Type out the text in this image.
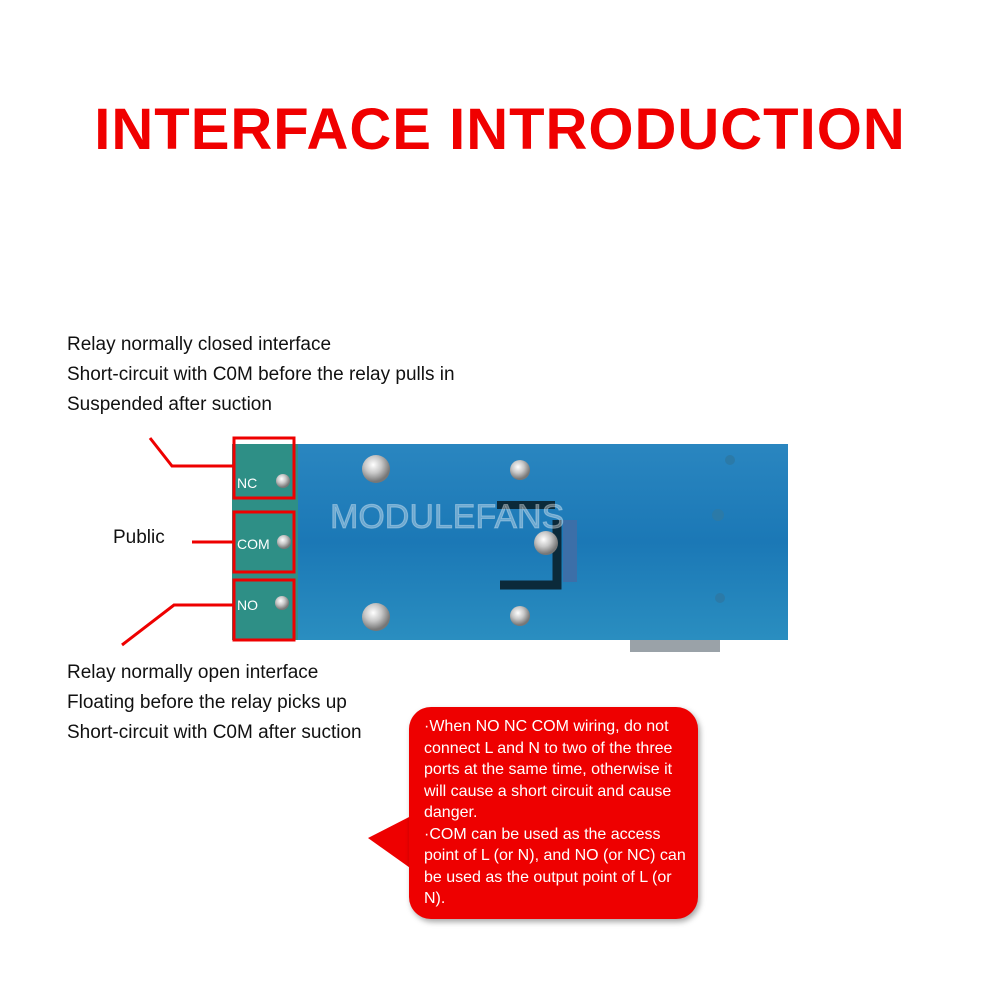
INTERFACE INTRODUCTION
Relay normally closed interface
Short-circuit with C0M before the relay pulls in
Suspended after suction
MODULEFANS
NC
COM
NO
Public
Relay normally open interface
Floating before the relay picks up
Short-circuit with C0M after suction	·When NO NC COM wiring, do not connect L and N to two of the three ports at the same time, otherwise it will cause a short circuit and cause danger.

·COM can be used as the access point of L (or N), and NO (or NC) can be used as the output point of L (or N).
